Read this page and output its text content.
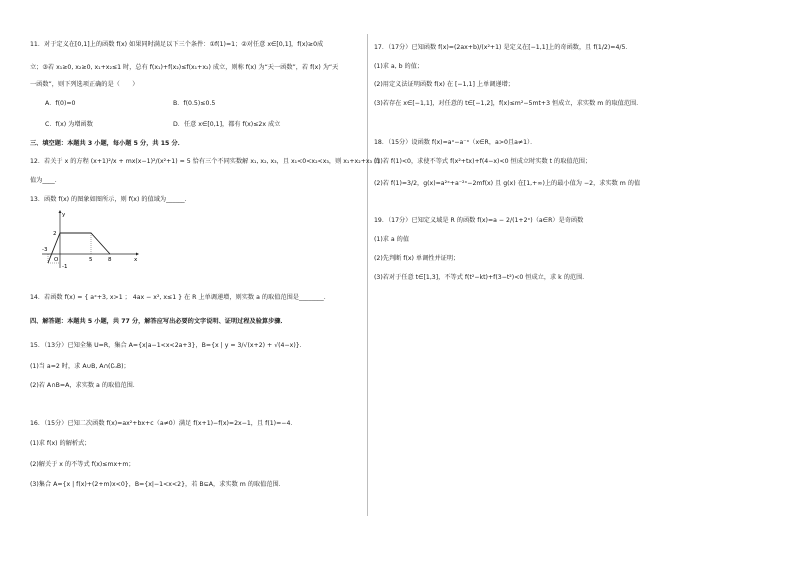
11．对于定义在[0,1]上的函数 f(x) 如果同时满足以下三个条件：①f(1)=1；②对任意 x∈[0,1]，f(x)≥0成
立；③若 x₁≥0, x₂≥0, x₁+x₂≤1 时，总有 f(x₁)+f(x₂)≤f(x₁+x₂) 成立，则称 f(x) 为“天一函数”，若 f(x) 为“天
一函数”，则下列选项正确的是（　　）
A．f(0)=0	B．f(0.5)≤0.5
C．f(x) 为增函数	D．任意 x∈[0,1]，都有 f(x)≤2x 成立
三、填空题：本题共 3 小题，每小题 5 分，共 15 分．
12．若关于 x 的方程 (x+1)²/x + mx(x−1)²/(x²+1) = 5 恰有三个不同实数解 x₁, x₂, x₃，且 x₁<0<x₂<x₃，则 x₁+x₂+x₃ 的
值为____．
13．函数 f(x) 的图象如图所示，则 f(x) 的值域为______．
y
x
O
-3
2
5	8
-1
14．若函数 f(x) = { aˣ+3, x>1 ； 4ax − x², x≤1 } 在 R 上单调递增，则实数 a 的取值范围是________．
四、解答题：本题共 5 小题，共 77 分，解答应写出必要的文字说明、证明过程及验算步骤．
15．（13分）已知全集 U=R，集合 A={x|a−1<x<2a+3}，B={x | y = 3/√(x+2) + √(4−x)}．
(1)当 a=2 时，求 A∪B, A∩(∁ᵤB)；
(2)若 A∩B=A，求实数 a 的取值范围．
16．（15分）已知二次函数 f(x)=ax²+bx+c（a≠0）满足 f(x+1)−f(x)=2x−1，且 f(1)=−4．
(1)求 f(x) 的解析式；
(2)解关于 x 的不等式 f(x)≤mx+m；
(3)集合 A={x | f(x)+(2+m)x<0}，B={x|−1<x<2}，若 B⊆A，求实数 m 的取值范围．
17．（17分）已知函数 f(x)=(2ax+b)/(x²+1) 是定义在[−1,1]上的奇函数，且 f(1/2)=4/5．
(1)求 a, b 的值；
(2)用定义法证明函数 f(x) 在 [−1,1] 上单调递增；
(3)若存在 x∈[−1,1]，对任意的 t∈[−1,2]，f(x)≤m²−5mt+3 恒成立，求实数 m 的取值范围．
18．（15分）设函数 f(x)=aˣ−a⁻ˣ（x∈R，a>0且a≠1）．
(1)若 f(1)<0，求使不等式 f(x²+tx)+f(4−x)<0 恒成立时实数 t 的取值范围；
(2)若 f(1)=3/2，g(x)=a²ˣ+a⁻²ˣ−2mf(x) 且 g(x) 在[1,+∞)上的最小值为 −2，求实数 m 的值
19．（17分）已知定义域是 R 的函数 f(x)=a − 2/(1+2ˣ)（a∈R）是奇函数
(1)求 a 的值
(2)先判断 f(x) 单调性并证明；
(3)若对于任意 t∈[1,3]，不等式 f(t²−kt)+f(3−t²)<0 恒成立，求 k 的范围．
